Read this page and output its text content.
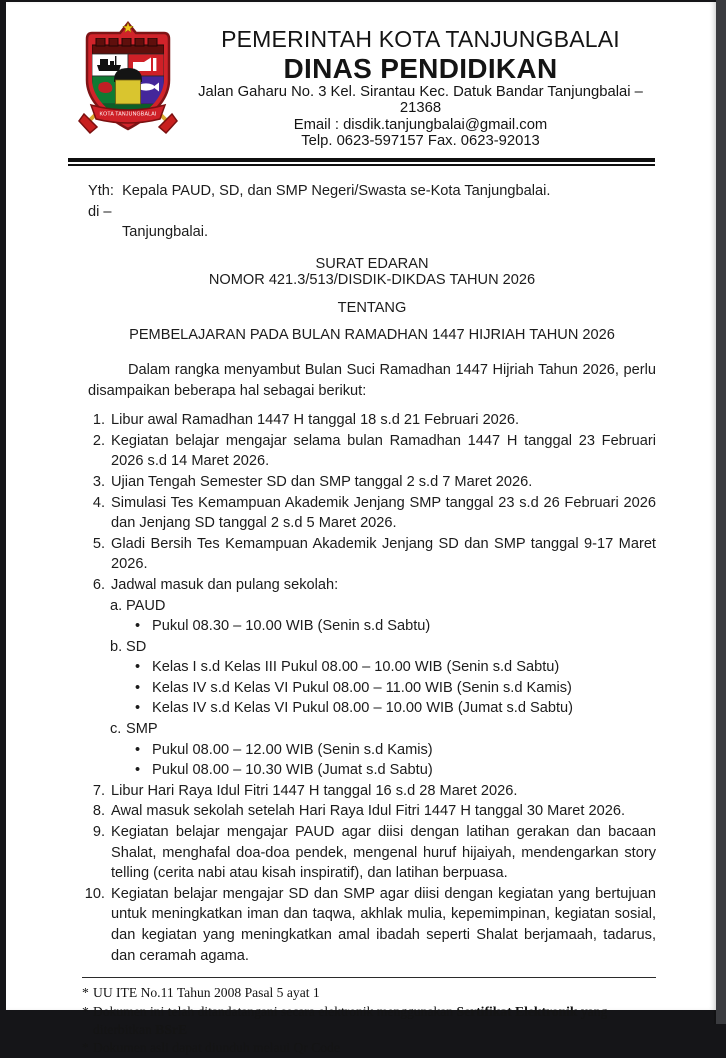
KOTA TANJUNGBALAI
PEMERINTAH KOTA TANJUNGBALAI
DINAS PENDIDIKAN
Jalan Gaharu No. 3 Kel. Sirantau Kec. Datuk Bandar Tanjungbalai – 21368
Email : disdik.tanjungbalai@gmail.com
Telp. 0623-597157 Fax. 0623-92013
Yth:  Kepala PAUD, SD, dan SMP Negeri/Swasta se-Kota Tanjungbalai.
di –
Tanjungbalai.
SURAT EDARAN
NOMOR 421.3/513/DISDIK-DIKDAS TAHUN 2026
TENTANG
PEMBELAJARAN PADA BULAN RAMADHAN 1447 HIJRIAH TAHUN 2026
Dalam rangka menyambut Bulan Suci Ramadhan 1447 Hijriah Tahun 2026, perlu disampaikan beberapa hal sebagai berikut:
1. Libur awal Ramadhan 1447 H tanggal 18 s.d 21 Februari 2026.
2. Kegiatan belajar mengajar selama bulan Ramadhan 1447 H tanggal 23 Februari 2026 s.d 14 Maret 2026.
3. Ujian Tengah Semester SD dan SMP tanggal 2 s.d 7 Maret 2026.
4. Simulasi Tes Kemampuan Akademik Jenjang SMP tanggal 23 s.d 26 Februari 2026 dan Jenjang SD tanggal 2 s.d 5 Maret 2026.
5. Gladi Bersih Tes Kemampuan Akademik Jenjang SD dan SMP tanggal 9-17 Maret 2026.
6. Jadwal masuk dan pulang sekolah:
a. PAUD
• Pukul 08.30 – 10.00 WIB (Senin s.d Sabtu)
b. SD
• Kelas I s.d Kelas III Pukul 08.00 – 10.00 WIB (Senin s.d Sabtu)
• Kelas IV s.d Kelas VI Pukul 08.00 – 11.00 WIB (Senin s.d Kamis)
• Kelas IV s.d Kelas VI Pukul 08.00 – 10.00 WIB (Jumat s.d Sabtu)
c. SMP
• Pukul 08.00 – 12.00 WIB (Senin s.d Kamis)
• Pukul 08.00 – 10.30 WIB (Jumat s.d Sabtu)
7. Libur Hari Raya Idul Fitri 1447 H tanggal 16 s.d 28 Maret 2026.
8. Awal masuk sekolah setelah Hari Raya Idul Fitri 1447 H tanggal 30 Maret 2026.
9. Kegiatan belajar mengajar PAUD agar diisi dengan latihan gerakan dan bacaan Shalat, menghafal doa-doa pendek, mengenal huruf hijaiyah, mendengarkan story telling (cerita nabi atau kisah inspiratif), dan latihan berpuasa.
10. Kegiatan belajar mengajar SD dan SMP agar diisi dengan kegiatan yang bertujuan untuk meningkatkan iman dan taqwa, akhlak mulia, kepemimpinan, kegiatan sosial, dan kegiatan yang meningkatkan amal ibadah seperti Shalat berjamaah, tadarus, dan ceramah agama.
* UU ITE No.11 Tahun 2008 Pasal 5 ayat 1
* Dokumen ini telah ditandatangani secara elektronik menggunakan Sertifikat Elektronik yang diterbitkan BSrE
* Dokumen asli dapat diunduh melaui Qr Code
